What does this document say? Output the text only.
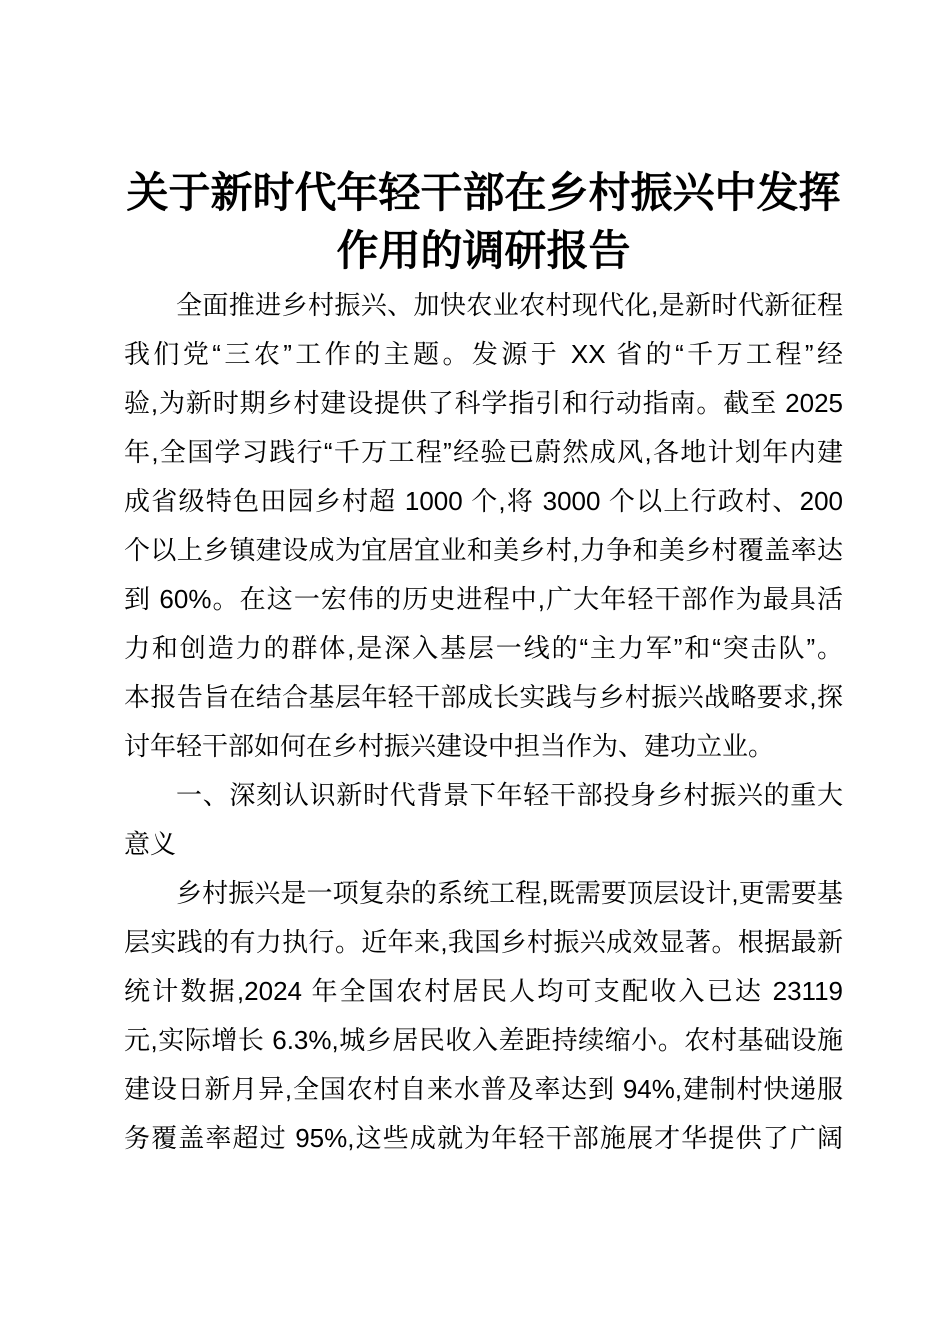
关于新时代年轻干部在乡村振兴中发挥作用的调研报告

全面推进乡村振兴、加快农业农村现代化,是新时代新征程
我们党“三农”工作的主题。发源于 XX 省的“千万工程”经
验,为新时期乡村建设提供了科学指引和行动指南。截至 2025
年,全国学习践行“千万工程”经验已蔚然成风,各地计划年内建
成省级特色田园乡村超 1000 个,将 3000 个以上行政村、200
个以上乡镇建设成为宜居宜业和美乡村,力争和美乡村覆盖率达
到 60%。在这一宏伟的历史进程中,广大年轻干部作为最具活
力和创造力的群体,是深入基层一线的“主力军”和“突击队”。
本报告旨在结合基层年轻干部成长实践与乡村振兴战略要求,探
讨年轻干部如何在乡村振兴建设中担当作为、建功立业。

一、深刻认识新时代背景下年轻干部投身乡村振兴的重大
意义

乡村振兴是一项复杂的系统工程,既需要顶层设计,更需要基
层实践的有力执行。近年来,我国乡村振兴成效显著。根据最新
统计数据,2024 年全国农村居民人均可支配收入已达 23119
元,实际增长 6.3%,城乡居民收入差距持续缩小。农村基础设施
建设日新月异,全国农村自来水普及率达到 94%,建制村快递服
务覆盖率超过 95%,这些成就为年轻干部施展才华提供了广阔
